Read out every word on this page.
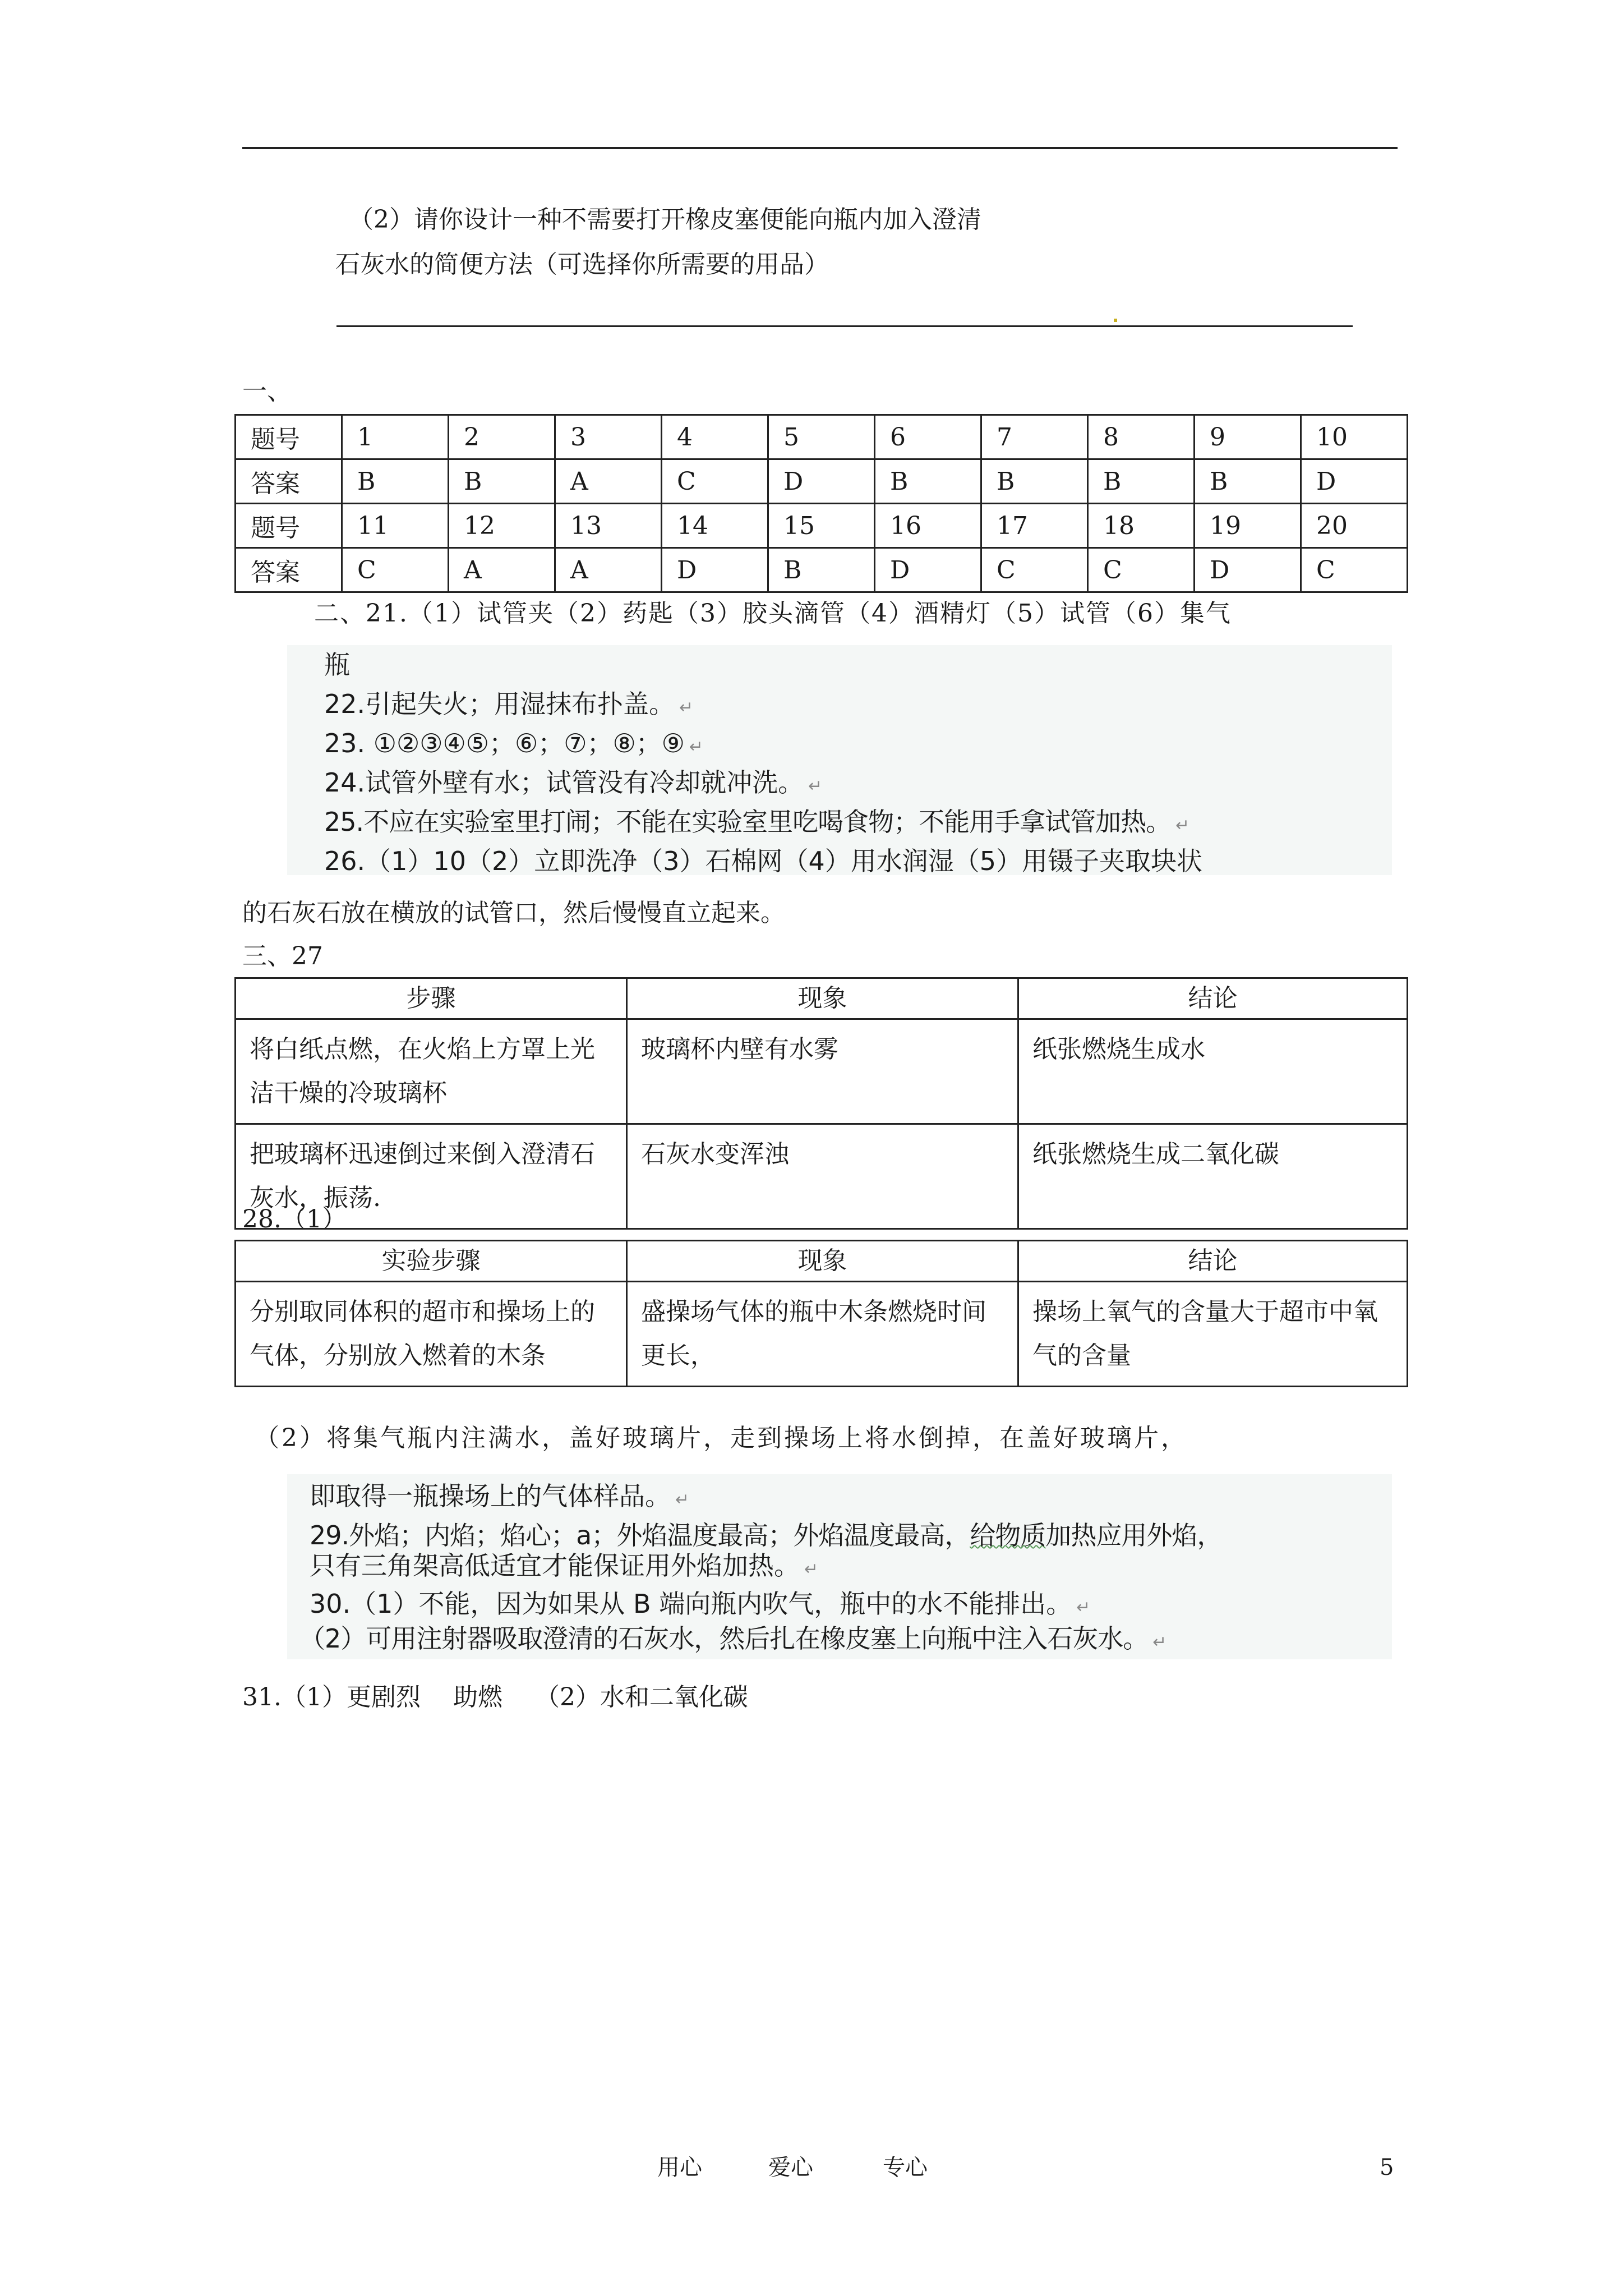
（2）请你设计一种不需要打开橡皮塞便能向瓶内加入澄清
石灰水的简便方法（可选择你所需要的用品）
一、
题号	1	2	3	4	5	6	7	8	9	10
答案	B	B	A	C	D	B	B	B	B	D
题号	11	12	13	14	15	16	17	18	19	20
答案	C	A	A	D	B	D	C	C	D	C
二、21.（1）试管夹（2）药匙（3）胶头滴管（4）酒精灯（5）试管（6）集气
瓶
22.引起失火；用湿抹布扑盖。 ↵
23. ①②③④⑤；⑥；⑦；⑧；⑨ ↵
24.试管外壁有水；试管没有冷却就冲洗。 ↵
25.不应在实验室里打闹；不能在实验室里吃喝食物；不能用手拿试管加热。 ↵
26.（1）10（2）立即洗净（3）石棉网（4）用水润湿（5）用镊子夹取块状
的石灰石放在横放的试管口，然后慢慢直立起来。
三、27
步骤	现象	结论
将白纸点燃，在火焰上方罩上光洁干燥的冷玻璃杯	玻璃杯内壁有水雾	纸张燃烧生成水
把玻璃杯迅速倒过来倒入澄清石灰水，振荡.	石灰水变浑浊	纸张燃烧生成二氧化碳
28.（1）
实验步骤	现象	结论
分别取同体积的超市和操场上的气体，分别放入燃着的木条	盛操场气体的瓶中木条燃烧时间更长，	操场上氧气的含量大于超市中氧气的含量
（2）将集气瓶内注满水，盖好玻璃片，走到操场上将水倒掉，在盖好玻璃片，
即取得一瓶操场上的气体样品。 ↵
29.外焰；内焰；焰心；a；外焰温度最高；外焰温度最高，给物质加热应用外焰，
只有三角架高低适宜才能保证用外焰加热。 ↵
30.（1）不能，因为如果从 B 端向瓶内吹气，瓶中的水不能排出。 ↵
（2）可用注射器吸取澄清的石灰水，然后扎在橡皮塞上向瓶中注入石灰水。 ↵
31.（1）更剧烈　 助燃　 （2）水和二氧化碳
用心	爱心	专心	5
